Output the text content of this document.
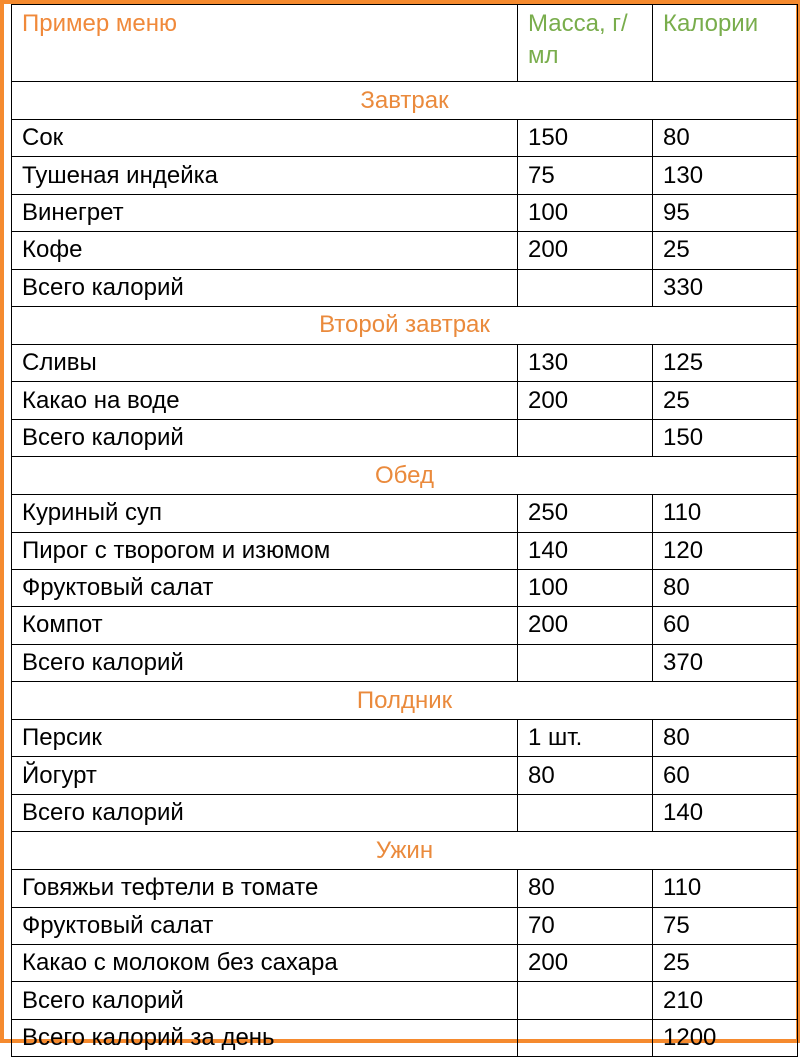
Пример меню	Масса, г/мл	Калории
Завтрак		
Сок	150	80
Тушеная индейка	75	130
Винегрет	100	95
Кофе	200	25
Всего калорий		330
Второй завтрак		
Сливы	130	125
Какао на воде	200	25
Всего калорий		150
Обед		
Куриный суп	250	110
Пирог с творогом и изюмом	140	120
Фруктовый салат	100	80
Компот	200	60
Всего калорий		370
Полдник		
Персик	1 шт.	80
Йогурт	80	60
Всего калорий		140
Ужин		
Говяжьи тефтели в томате	80	110
Фруктовый салат	70	75
Какао с молоком без сахара	200	25
Всего калорий		210
Всего калорий за день		1200
